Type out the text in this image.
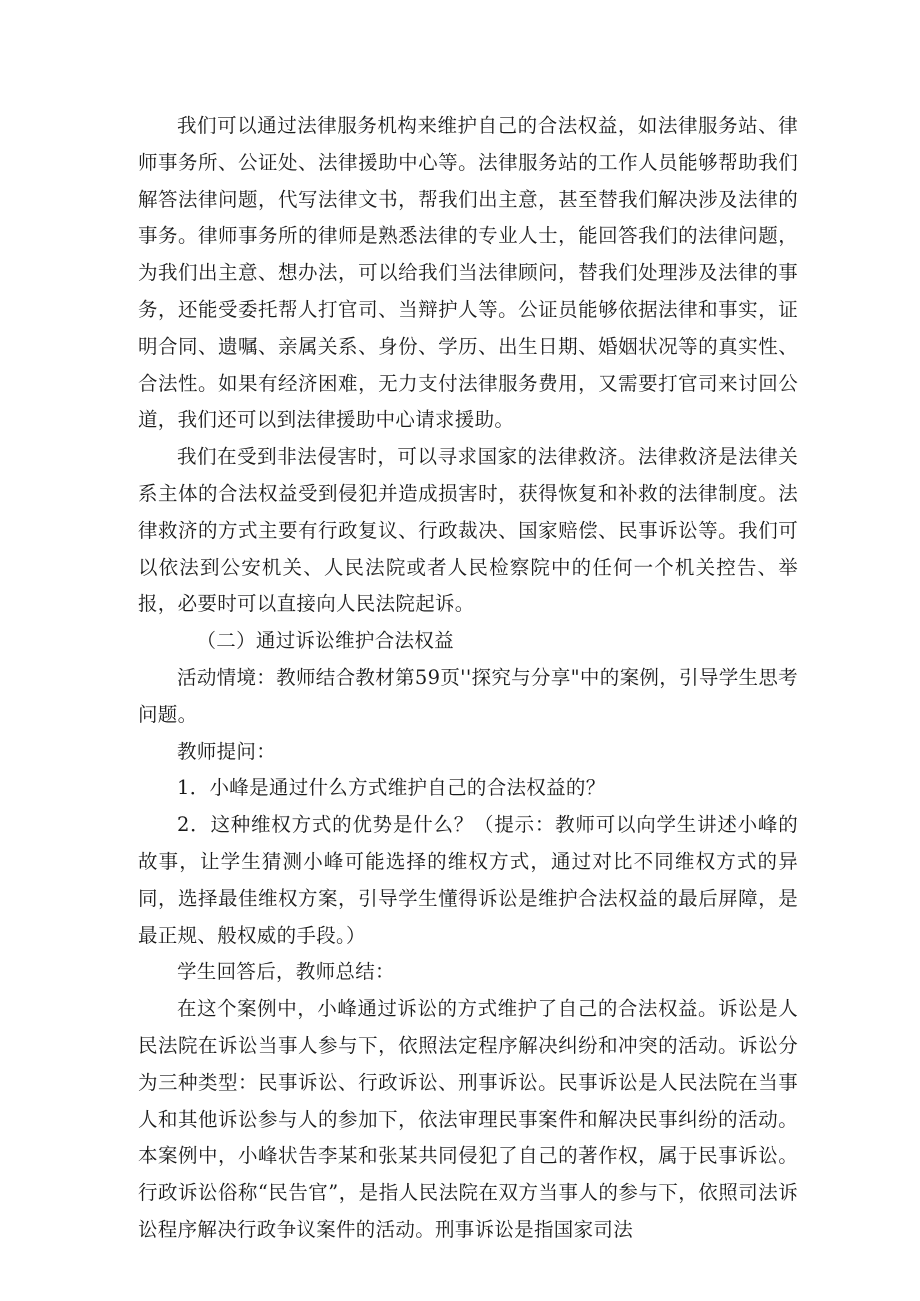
我们可以通过法律服务机构来维护自己的合法权益，如法律服务站、律师事务所、公证处、法律援助中心等。法律服务站的工作人员能够帮助我们解答法律问题，代写法律文书，帮我们出主意，甚至替我们解决涉及法律的事务。律师事务所的律师是熟悉法律的专业人士，能回答我们的法律问题，为我们出主意、想办法，可以给我们当法律顾问，替我们处理涉及法律的事务，还能受委托帮人打官司、当辩护人等。公证员能够依据法律和事实，证明合同、遗嘱、亲属关系、身份、学历、出生日期、婚姻状况等的真实性、合法性。如果有经济困难，无力支付法律服务费用，又需要打官司来讨回公道，我们还可以到法律援助中心请求援助。

我们在受到非法侵害时，可以寻求国家的法律救济。法律救济是法律关系主体的合法权益受到侵犯并造成损害时，获得恢复和补救的法律制度。法律救济的方式主要有行政复议、行政裁决、国家赔偿、民事诉讼等。我们可以依法到公安机关、人民法院或者人民检察院中的任何一个机关控告、举报，必要时可以直接向人民法院起诉。

（二）通过诉讼维护合法权益

活动情境：教师结合教材第59页''探究与分享"中的案例，引导学生思考问题。

教师提问：

1．小峰是通过什么方式维护自己的合法权益的？

2．这种维权方式的优势是什么？（提示：教师可以向学生讲述小峰的故事，让学生猜测小峰可能选择的维权方式，通过对比不同维权方式的异同，选择最佳维权方案，引导学生懂得诉讼是维护合法权益的最后屏障，是最正规、般权威的手段。）

学生回答后，教师总结：

在这个案例中，小峰通过诉讼的方式维护了自己的合法权益。诉讼是人民法院在诉讼当事人参与下，依照法定程序解决纠纷和冲突的活动。诉讼分为三种类型：民事诉讼、行政诉讼、刑事诉讼。民事诉讼是人民法院在当事人和其他诉讼参与人的参加下，依法审理民事案件和解决民事纠纷的活动。本案例中，小峰状告李某和张某共同侵犯了自己的著作权，属于民事诉讼。行政诉讼俗称“民告官”，是指人民法院在双方当事人的参与下，依照司法诉讼程序解决行政争议案件的活动。刑事诉讼是指国家司法
